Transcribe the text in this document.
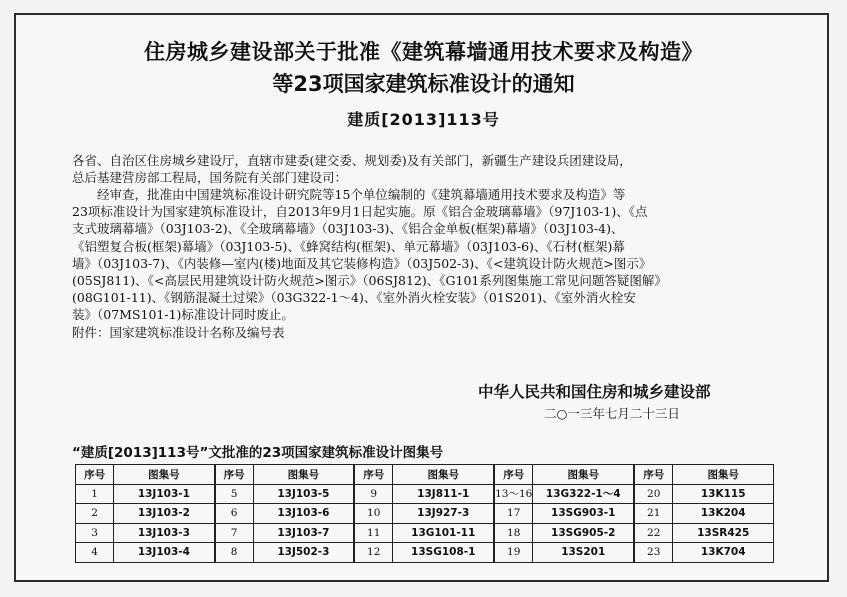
住房城乡建设部关于批准《建筑幕墙通用技术要求及构造》
等23项国家建筑标准设计的通知
建质[2013]113号
各省、自治区住房城乡建设厅，直辖市建委(建交委、规划委)及有关部门，新疆生产建设兵团建设局，
总后基建营房部工程局，国务院有关部门建设司：

经审查，批准由中国建筑标准设计研究院等15个单位编制的《建筑幕墙通用技术要求及构造》等

23项标准设计为国家建筑标准设计，自2013年9月1日起实施。原《铝合金玻璃幕墙》（97J103-1)、《点

支式玻璃幕墙》（03J103-2)、《全玻璃幕墙》（03J103-3)、《铝合金单板(框架)幕墙》（03J103-4)、

《铝塑复合板(框架)幕墙》（03J103-5)、《蜂窝结构(框架)、单元幕墙》（03J103-6)、《石材(框架)幕

墙》（03J103-7)、《内装修—室内(楼)地面及其它装修构造》（03J502-3)、《<建筑设计防火规范>图示》

(05SJ811)、《<高层民用建筑设计防火规范>图示》（06SJ812)、《G101系列图集施工常见问题答疑图解》

(08G101-11)、《钢筋混凝土过梁》（03G322-1～4)、《室外消火栓安装》（01S201)、《室外消火栓安

装》（07MS101-1)标准设计同时废止。

附件：国家建筑标准设计名称及编号表

中华人民共和国住房和城乡建设部
二○一三年七月二十三日
“建质[2013]113号”文批准的23项国家建筑标准设计图集号
序号	图集号	序号	图集号	序号	图集号	序号	图集号	序号	图集号
1	13J103-1	5	13J103-5	9	13J811-1	13～16	13G322-1～4	20	13K115
2	13J103-2	6	13J103-6	10	13J927-3	17	13SG903-1	21	13K204
3	13J103-3	7	13J103-7	11	13G101-11	18	13SG905-2	22	13SR425
4	13J103-4	8	13J502-3	12	13SG108-1	19	13S201	23	13K704
